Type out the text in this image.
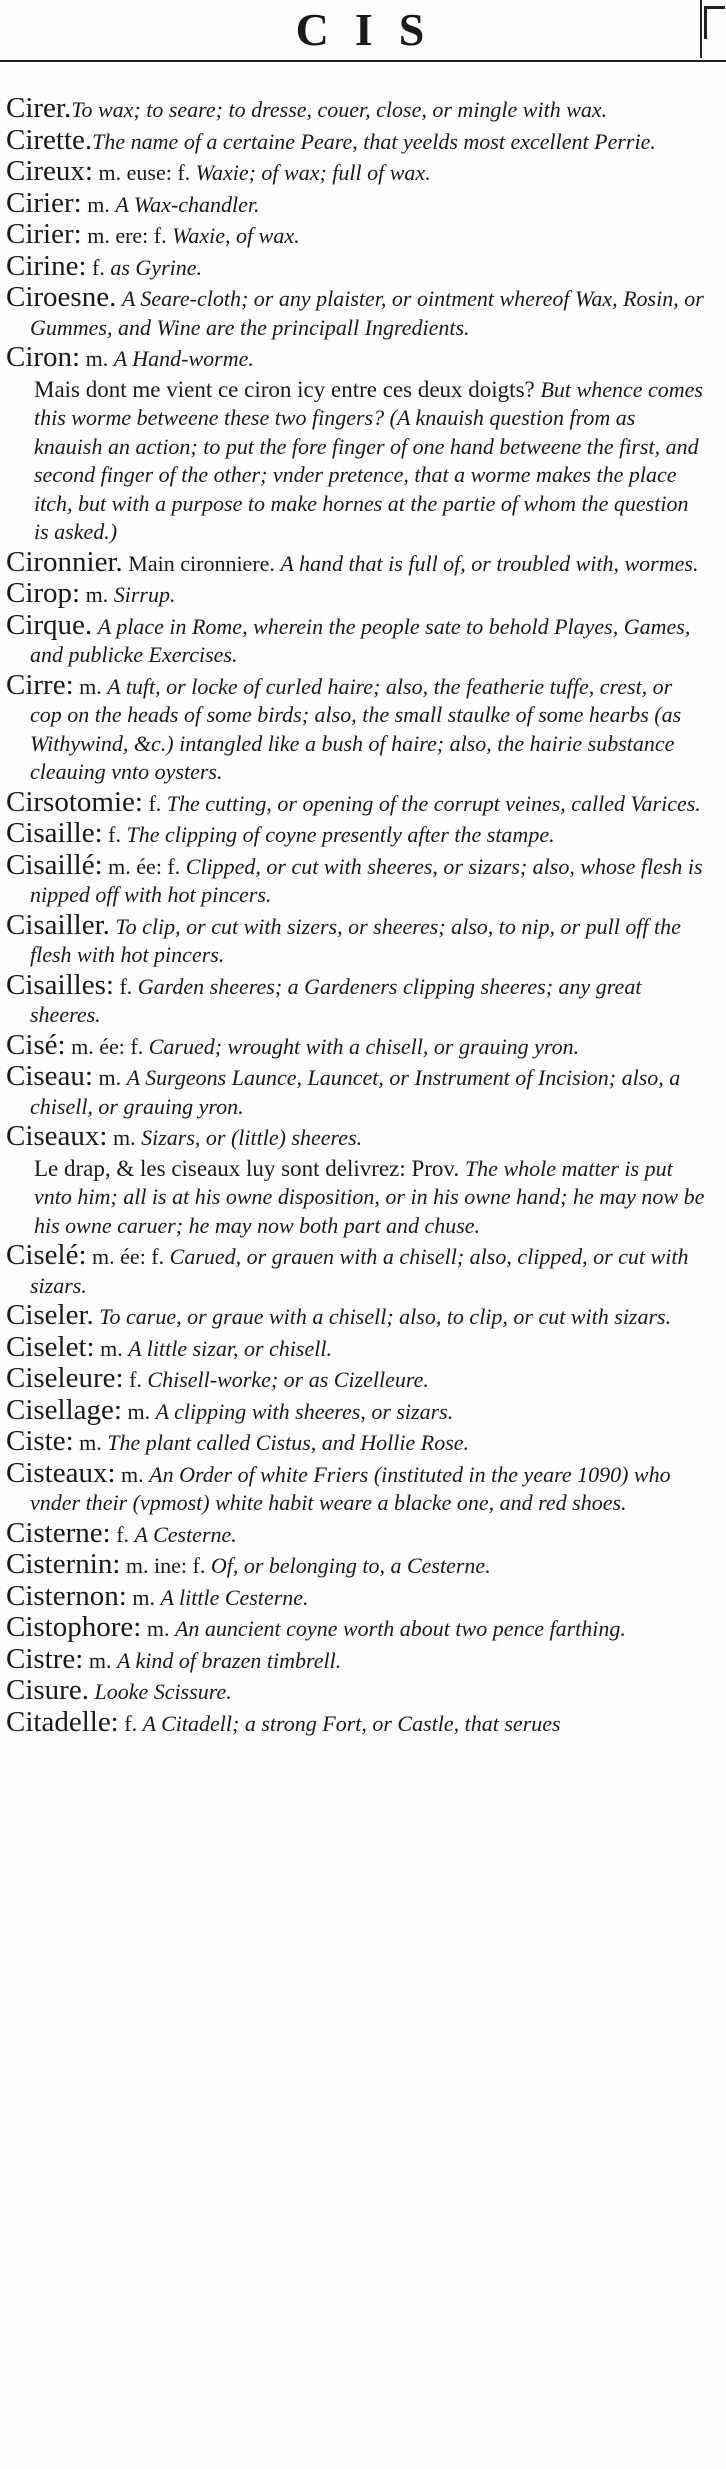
CIS

Cirer.To wax; to seare; to dresse, couer, close, or mingle with wax.

Cirette.The name of a certaine Peare, that yeelds most excellent Perrie.

Cireux: m. euse: f. Waxie; of wax; full of wax.

Cirier: m. A Wax-chandler.

Cirier: m. ere: f. Waxie, of wax.

Cirine: f. as Gyrine.

Ciroesne. A Seare-cloth; or any plaister, or ointment whereof Wax, Rosin, or Gummes, and Wine are the principall Ingredients.

Ciron: m. A Hand-worme.

Mais dont me vient ce ciron icy entre ces deux doigts? But whence comes this worme betweene these two fingers? (A knauish question from as knauish an action; to put the fore finger of one hand betweene the first, and second finger of the other; vnder pretence, that a worme makes the place itch, but with a purpose to make hornes at the partie of whom the question is asked.)

Cironnier. Main cironniere. A hand that is full of, or troubled with, wormes.

Cirop: m. Sirrup.

Cirque. A place in Rome, wherein the people sate to behold Playes, Games, and publicke Exercises.

Cirre: m. A tuft, or locke of curled haire; also, the featherie tuffe, crest, or cop on the heads of some birds; also, the small staulke of some hearbs (as Withywind, &c.) intangled like a bush of haire; also, the hairie substance cleauing vnto oysters.

Cirsotomie: f. The cutting, or opening of the corrupt veines, called Varices.

Cisaille: f. The clipping of coyne presently after the stampe.

Cisaillé: m. ée: f. Clipped, or cut with sheeres, or sizars; also, whose flesh is nipped off with hot pincers.

Cisailler. To clip, or cut with sizers, or sheeres; also, to nip, or pull off the flesh with hot pincers.

Cisailles: f. Garden sheeres; a Gardeners clipping sheeres; any great sheeres.

Cisé: m. ée: f. Carued; wrought with a chisell, or grauing yron.

Ciseau: m. A Surgeons Launce, Launcet, or Instrument of Incision; also, a chisell, or grauing yron.

Ciseaux: m. Sizars, or (little) sheeres.

Le drap, & les ciseaux luy sont delivrez: Prov. The whole matter is put vnto him; all is at his owne disposition, or in his owne hand; he may now be his owne caruer; he may now both part and chuse.

Ciselé: m. ée: f. Carued, or grauen with a chisell; also, clipped, or cut with sizars.

Ciseler. To carue, or graue with a chisell; also, to clip, or cut with sizars.

Ciselet: m. A little sizar, or chisell.

Ciseleure: f. Chisell-worke; or as Cizelleure.

Cisellage: m. A clipping with sheeres, or sizars.

Ciste: m. The plant called Cistus, and Hollie Rose.

Cisteaux: m. An Order of white Friers (instituted in the yeare 1090) who vnder their (vpmost) white habit weare a blacke one, and red shoes.

Cisterne: f. A Cesterne.

Cisternin: m. ine: f. Of, or belonging to, a Cesterne.

Cisternon: m. A little Cesterne.

Cistophore: m. An auncient coyne worth about two pence farthing.

Cistre: m. A kind of brazen timbrell.

Cisure. Looke Scissure.

Citadelle: f. A Citadell; a strong Fort, or Castle, that serues
